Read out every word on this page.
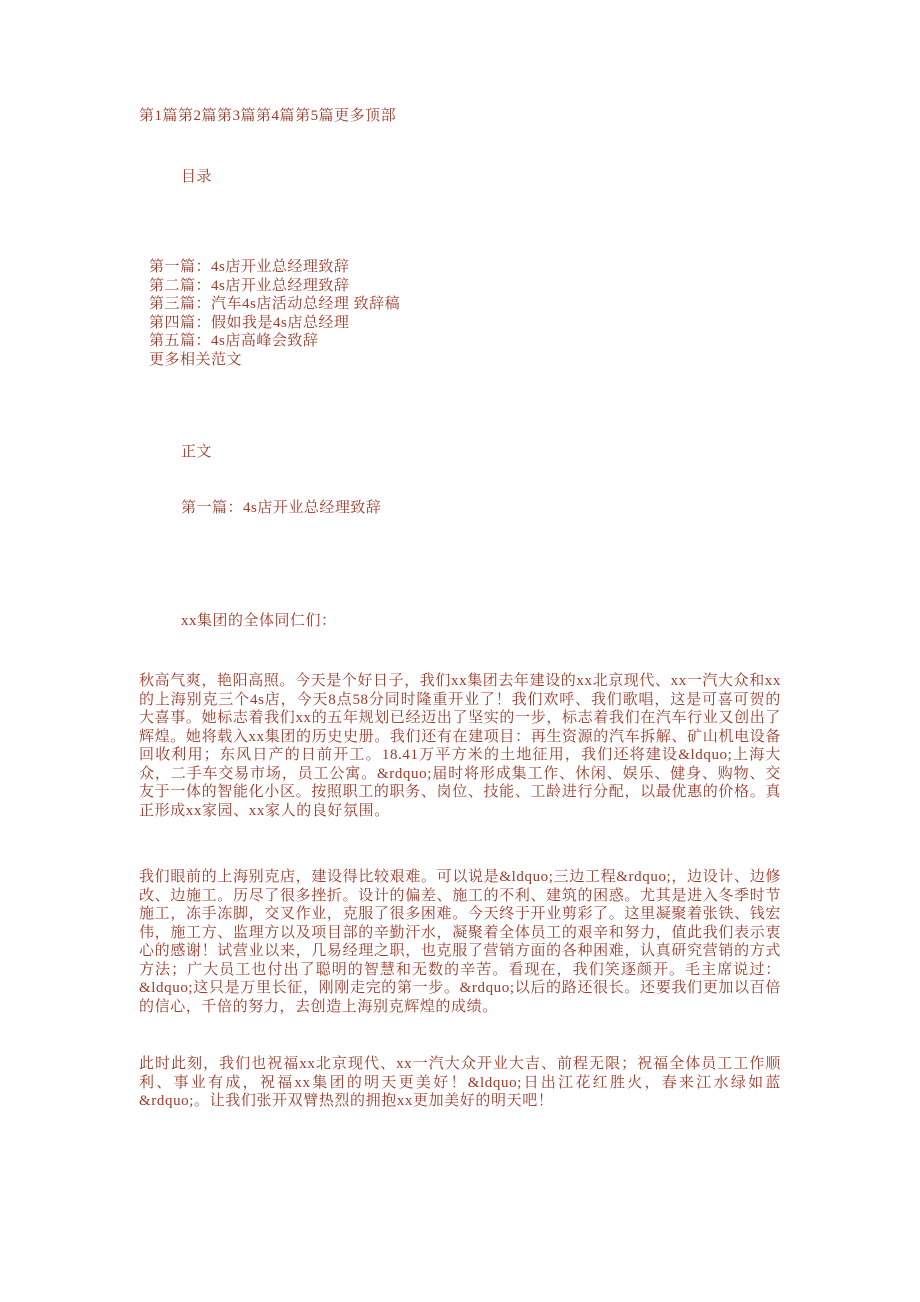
第1篇第2篇第3篇第4篇第5篇更多顶部
目录
第一篇：4s店开业总经理致辞
第二篇：4s店开业总经理致辞
第三篇：汽车4s店活动总经理 致辞稿
第四篇：假如我是4s店总经理
第五篇：4s店高峰会致辞
更多相关范文
正文
第一篇：4s店开业总经理致辞
xx集团的全体同仁们：

秋高气爽，艳阳高照。今天是个好日子，我们xx集团去年建设的xx北京现代、xx一汽大众和xx的上海别克三个4s店，今天8点58分同时隆重开业了！我们欢呼、我们歌唱，这是可喜可贺的大喜事。她标志着我们xx的五年规划已经迈出了坚实的一步，标志着我们在汽车行业又创出了辉煌。她将载入xx集团的历史史册。我们还有在建项目：再生资源的汽车拆解、矿山机电设备回收利用；东风日产的日前开工。18.41万平方米的土地征用，我们还将建设&ldquo;上海大众，二手车交易市场，员工公寓。&rdquo;届时将形成集工作、休闲、娱乐、健身、购物、交友于一体的智能化小区。按照职工的职务、岗位、技能、工龄进行分配，以最优惠的价格。真正形成xx家园、xx家人的良好氛围。

我们眼前的上海别克店，建设得比较艰难。可以说是&ldquo;三边工程&rdquo;，边设计、边修改、边施工。历尽了很多挫折。设计的偏差、施工的不利、建筑的困惑。尤其是进入冬季时节施工，冻手冻脚，交叉作业，克服了很多困难。今天终于开业剪彩了。这里凝聚着张铁、钱宏伟，施工方、监理方以及项目部的辛勤汗水，凝聚着全体员工的艰辛和努力，值此我们表示衷心的感谢！试营业以来，几易经理之职，也克服了营销方面的各种困难，认真研究营销的方式方法；广大员工也付出了聪明的智慧和无数的辛苦。看现在，我们笑逐颜开。毛主席说过：&ldquo;这只是万里长征，刚刚走完的第一步。&rdquo;以后的路还很长。还要我们更加以百倍的信心，千倍的努力，去创造上海别克辉煌的成绩。

此时此刻，我们也祝福xx北京现代、xx一汽大众开业大吉、前程无限；祝福全体员工工作顺利、事业有成，祝福xx集团的明天更美好！&ldquo;日出江花红胜火，春来江水绿如蓝&rdquo;。让我们张开双臂热烈的拥抱xx更加美好的明天吧！
